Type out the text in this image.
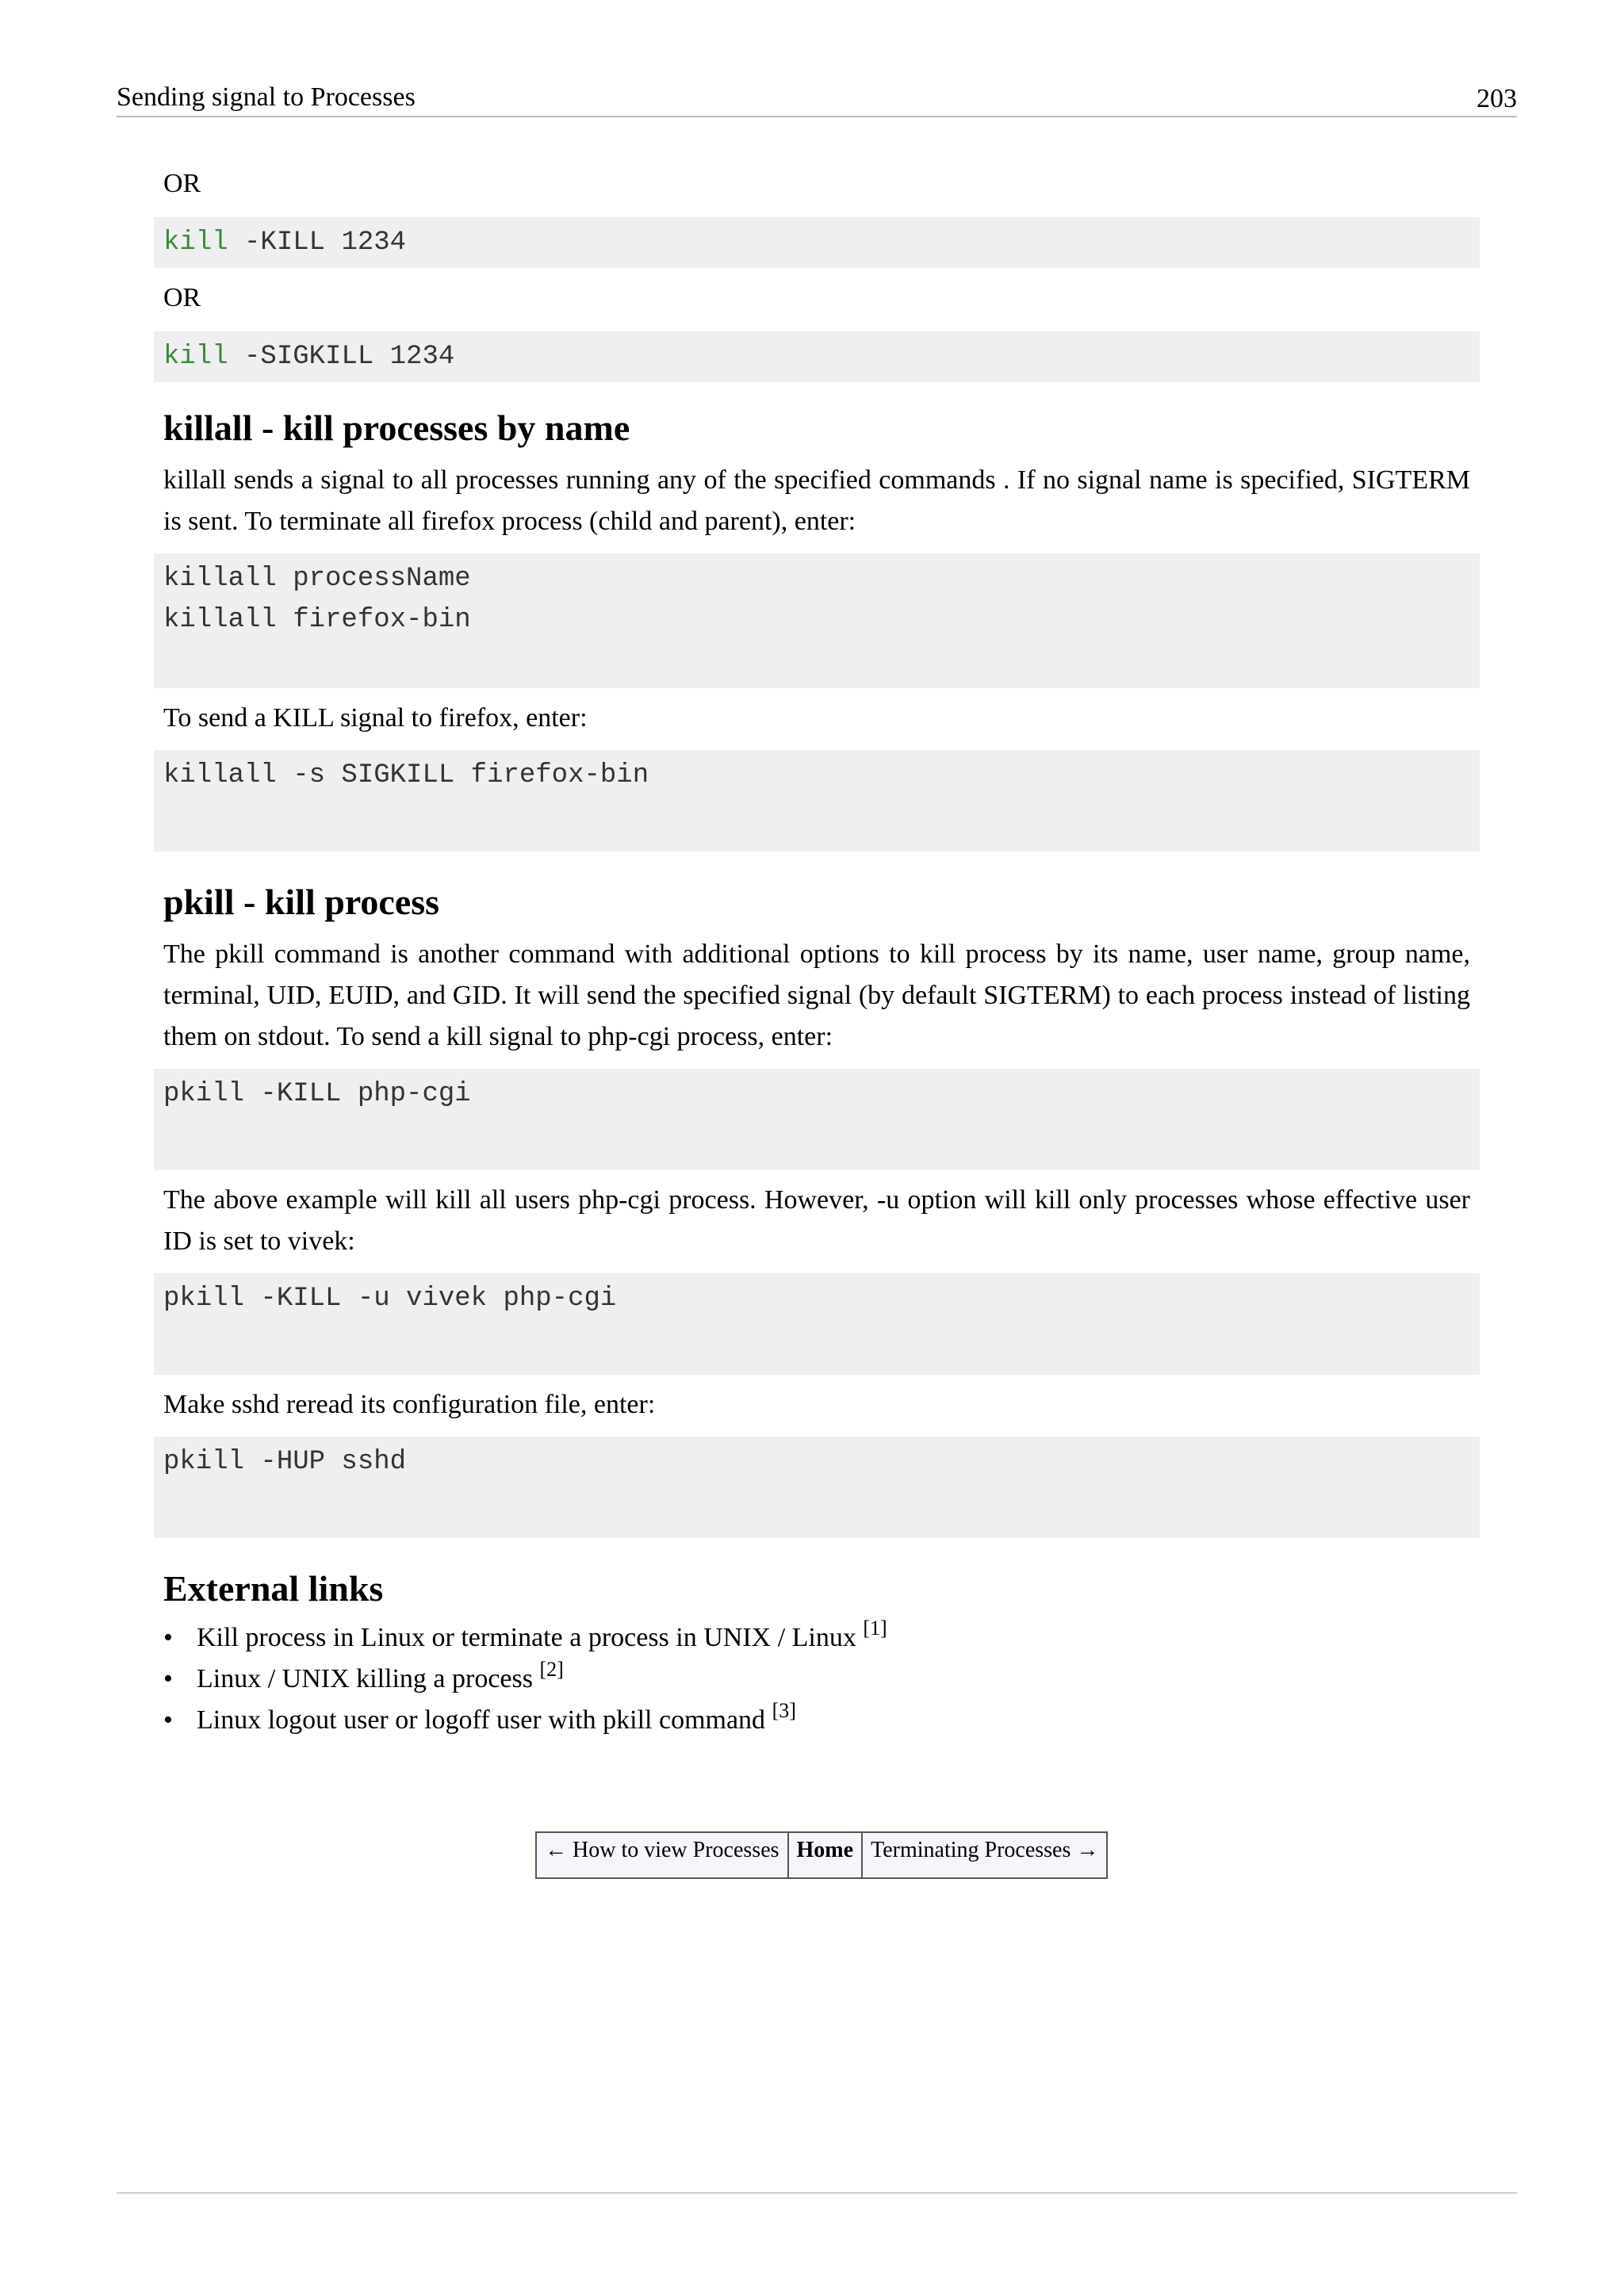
Sending signal to Processes	203

OR

kill -KILL 1234

OR

kill -SIGKILL 1234
killall - kill processes by name

killall sends a signal to all processes running any of the specified commands . If no signal name is specified, SIGTERM is sent. To terminate all firefox process (child and parent), enter:

killall processName
killall firefox-bin

To send a KILL signal to firefox, enter:

killall -s SIGKILL firefox-bin
pkill - kill process

The pkill command is another command with additional options to kill process by its name, user name, group name, terminal, UID, EUID, and GID. It will send the specified signal (by default SIGTERM) to each process instead of listing them on stdout. To send a kill signal to php-cgi process, enter:

pkill -KILL php-cgi

The above example will kill all users php-cgi process. However, -u option will kill only processes whose effective user ID is set to vivek:

pkill -KILL -u vivek php-cgi

Make sshd reread its configuration file, enter:

pkill -HUP sshd
External links
• Kill process in Linux or terminate a process in UNIX / Linux [1]
• Linux / UNIX killing a process [2]
• Linux logout user or logoff user with pkill command [3]
← How to view Processes	Home	Terminating Processes →
